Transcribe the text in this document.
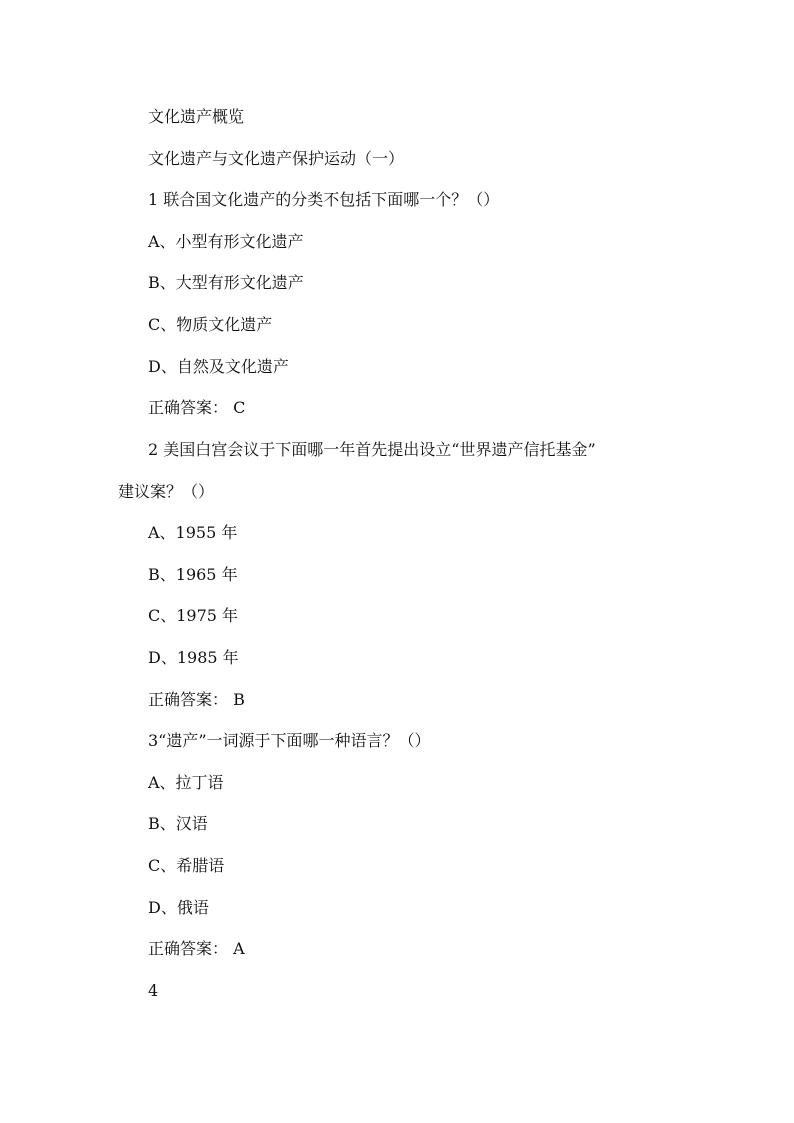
文化遗产概览
文化遗产与文化遗产保护运动（一）
1 联合国文化遗产的分类不包括下面哪一个？（）
A、小型有形文化遗产
B、大型有形文化遗产
C、物质文化遗产
D、自然及文化遗产
正确答案： C
2 美国白宫会议于下面哪一年首先提出设立“世界遗产信托基金”
建议案？（）
A、1955 年
B、1965 年
C、1975 年
D、1985 年
正确答案： B
3“遗产”一词源于下面哪一种语言？（）
A、拉丁语
B、汉语
C、希腊语
D、俄语
正确答案： A
4
